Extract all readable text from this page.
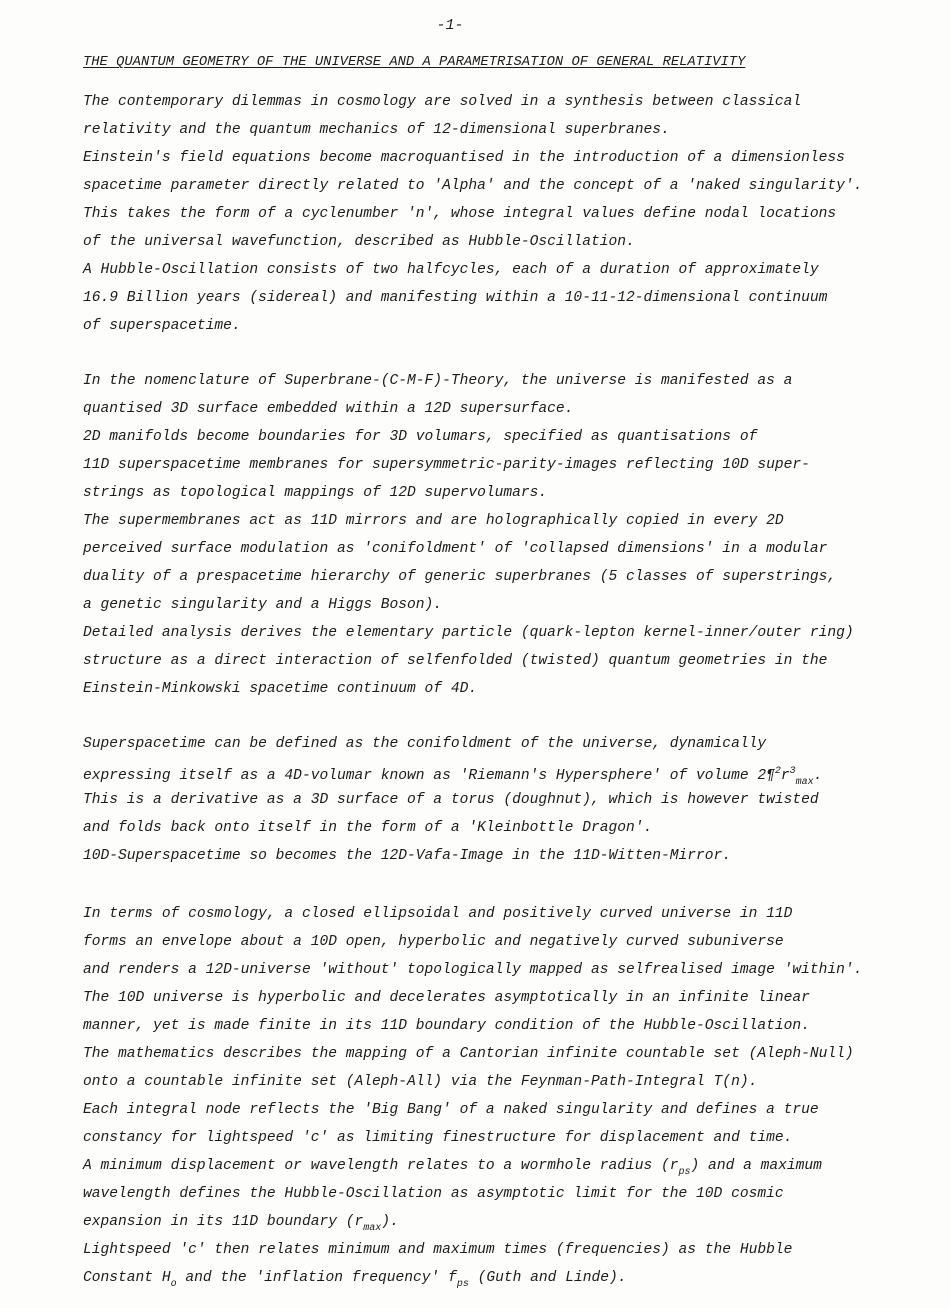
-1-
THE QUANTUM GEOMETRY OF THE UNIVERSE AND A PARAMETRISATION OF GENERAL RELATIVITY
The contemporary dilemmas in cosmology are solved in a synthesis between classical
relativity and the quantum mechanics of 12-dimensional superbranes.
Einstein's field equations become macroquantised in the introduction of a dimensionless
spacetime parameter directly related to 'Alpha' and the concept of a 'naked singularity'.
This takes the form of a cyclenumber 'n', whose integral values define nodal locations
of the universal wavefunction, described as Hubble-Oscillation.
A Hubble-Oscillation consists of two halfcycles, each of a duration of approximately
16.9 Billion years (sidereal) and manifesting within a 10-11-12-dimensional continuum
of superspacetime.
In the nomenclature of Superbrane-(C-M-F)-Theory, the universe is manifested as a
quantised 3D surface embedded within a 12D supersurface.
2D manifolds become boundaries for 3D volumars, specified as quantisations of
11D superspacetime membranes for supersymmetric-parity-images reflecting 10D super-
strings as topological mappings of 12D supervolumars.
The supermembranes act as 11D mirrors and are holographically copied in every 2D
perceived surface modulation as 'conifoldment' of 'collapsed dimensions' in a modular
duality of a prespacetime hierarchy of generic superbranes (5 classes of superstrings,
a genetic singularity and a Higgs Boson).
Detailed analysis derives the elementary particle (quark-lepton kernel-inner/outer ring)
structure as a direct interaction of selfenfolded (twisted) quantum geometries in the
Einstein-Minkowski spacetime continuum of 4D.
Superspacetime can be defined as the conifoldment of the universe, dynamically
expressing itself as a 4D-volumar known as 'Riemann's Hypersphere' of volume $2\P^2r^3_{max}$.
This is a derivative as a 3D surface of a torus (doughnut), which is however twisted
and folds back onto itself in the form of a 'Kleinbottle Dragon'.
10D-Superspacetime so becomes the 12D-Vafa-Image in the 11D-Witten-Mirror.
In terms of cosmology, a closed ellipsoidal and positively curved universe in 11D
forms an envelope about a 10D open, hyperbolic and negatively curved subuniverse
and renders a 12D-universe 'without' topologically mapped as selfrealised image 'within'.
The 10D universe is hyperbolic and decelerates asymptotically in an infinite linear
manner, yet is made finite in its 11D boundary condition of the Hubble-Oscillation.
The mathematics describes the mapping of a Cantorian infinite countable set (Aleph-Null)
onto a countable infinite set (Aleph-All) via the Feynman-Path-Integral T(n).
Each integral node reflects the 'Big Bang' of a naked singularity and defines a true
constancy for lightspeed 'c' as limiting finestructure for displacement and time.
A minimum displacement or wavelength relates to a wormhole radius $(r_{ps})$ and a maximum
wavelength defines the Hubble-Oscillation as asymptotic limit for the 10D cosmic
expansion in its 11D boundary $(r_{max})$.
Lightspeed 'c' then relates minimum and maximum times (frequencies) as the Hubble
Constant $H_o$ and the 'inflation frequency' $f_{ps}$ (Guth and Linde).
